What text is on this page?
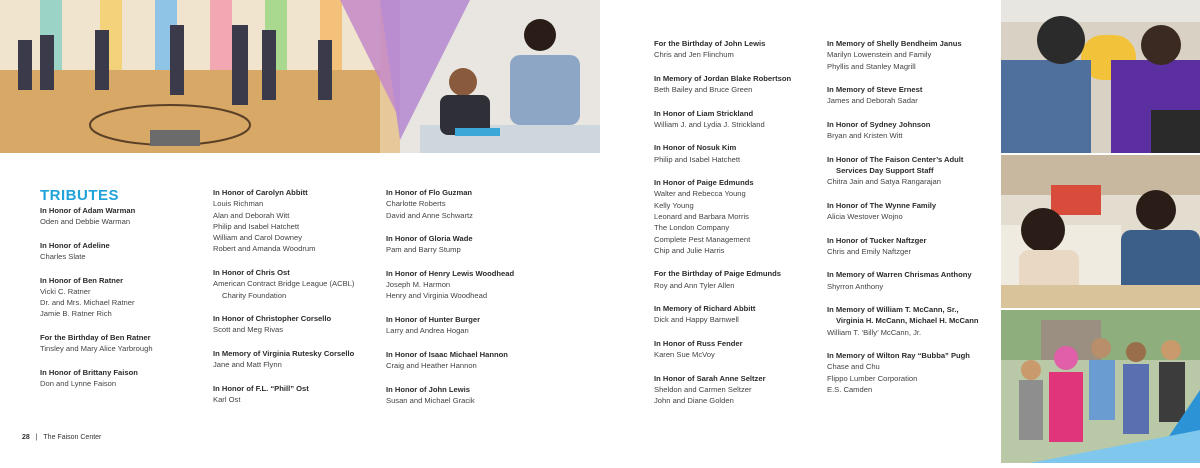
TRIBUTES
In Honor of Adam Warman
Oden and Debbie Warman
In Honor of Adeline
Charles Slate
In Honor of Ben Ratner
Vicki C. Ratner
Dr. and Mrs. Michael Ratner
Jamie B. Ratner Rich
For the Birthday of Ben Ratner
Tinsley and Mary Alice Yarbrough
In Honor of Brittany Faison
Don and Lynne Faison
In Honor of Carolyn Abbitt
Louis Richman
Alan and Deborah Witt
Philip and Isabel Hatchett
William and Carol Downey
Robert and Amanda Woodrum
In Honor of Chris Ost
American Contract Bridge League (ACBL)
Charity Foundation
In Honor of Christopher Corsello
Scott and Meg Rivas
In Memory of Virginia Rutesky Corsello
Jane and Matt Flynn
In Honor of F.L. “Phill” Ost
Karl Ost
In Honor of Flo Guzman
Charlotte Roberts
David and Anne Schwartz
In Honor of Gloria Wade
Pam and Barry Stump
In Honor of Henry Lewis Woodhead
Joseph M. Harmon
Henry and Virginia Woodhead
In Honor of Hunter Burger
Larry and Andrea Hogan
In Honor of Isaac Michael Hannon
Craig and Heather Hannon
In Honor of John Lewis
Susan and Michael Gracik
For the Birthday of John Lewis
Chris and Jen Flinchum
In Memory of Jordan Blake Robertson
Beth Bailey and Bruce Green
In Honor of Liam Strickland
William J. and Lydia J. Strickland
In Honor of Nosuk Kim
Philip and Isabel Hatchett
In Honor of Paige Edmunds
Walter and Rebecca Young
Kelly Young
Leonard and Barbara Morris
The London Company
Complete Pest Management
Chip and Julie Harris
For the Birthday of Paige Edmunds
Roy and Ann Tyler Allen
In Memory of Richard Abbitt
Dick and Happy Barnwell
In Honor of Russ Fender
Karen Sue McVoy
In Honor of Sarah Anne Seltzer
Sheldon and Carmen Seltzer
John and Diane Golden
In Memory of Shelly Bendheim Janus
Marilyn Lowenstein and Family
Phyllis and Stanley Magrill
In Memory of Steve Ernest
James and Deborah Sadar
In Honor of Sydney Johnson
Bryan and Kristen Witt
In Honor of The Faison Center’s Adult
Services Day Support Staff
Chitra Jain and Satya Rangarajan
In Honor of The Wynne Family
Alicia Westover Wojno
In Honor of Tucker Naftzger
Chris and Emily Naftzger
In Memory of Warren Chrismas Anthony
Shyrron Anthony
In Memory of William T. McCann, Sr.,
Virginia H. McCann, Michael H. McCann
William T. ‘Billy’ McCann, Jr.
In Memory of Wilton Ray “Bubba” Pugh
Chase and Chu
Flippo Lumber Corporation
E.S. Camden
28 | The Faison Center
